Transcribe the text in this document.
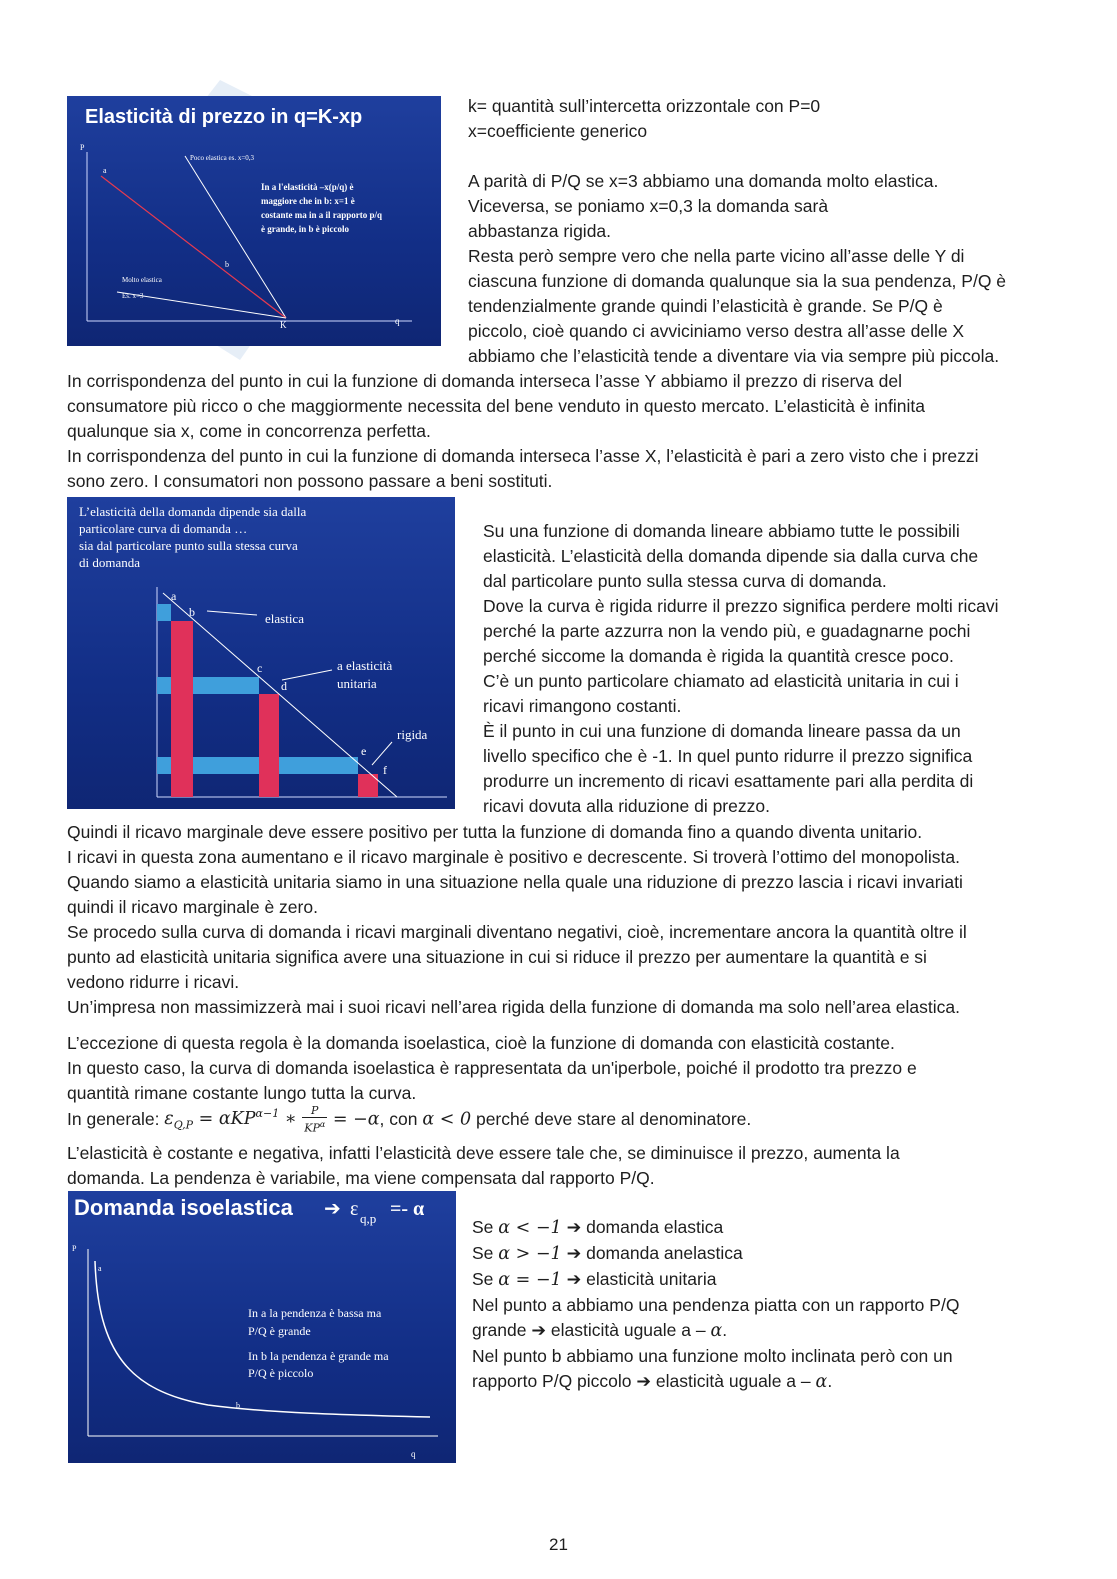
Elasticità di prezzo in q=K-xp
P
q
K
a
b
Poco elastica es. x=0,3
In a l'elasticità –x(p/q) è
maggiore che in b: x=1 è
costante ma in a il rapporto p/q
è grande, in b è piccolo
Molto elastica
Es. x=3

k= quantità sull’intercetta orizzontale con P=0

x=coefficiente generico

A parità di P/Q se x=3 abbiamo una domanda molto elastica.

Viceversa, se poniamo x=0,3 la domanda sarà

abbastanza rigida.

Resta però sempre vero che nella parte vicino all’asse delle Y di

ciascuna funzione di domanda qualunque sia la sua pendenza, P/Q è

tendenzialmente grande quindi l’elasticità è grande. Se P/Q è

piccolo, cioè quando ci avviciniamo verso destra all’asse delle X

abbiamo che l’elasticità tende a diventare via via sempre più piccola.

In corrispondenza del punto in cui la funzione di domanda interseca l’asse Y abbiamo il prezzo di riserva del

consumatore più ricco o che maggiormente necessita del bene venduto in questo mercato. L’elasticità è infinita

qualunque sia x, come in concorrenza perfetta.

In corrispondenza del punto in cui la funzione di domanda interseca l’asse X, l’elasticità è pari a zero visto che i prezzi

sono zero. I consumatori non possono passare a beni sostituti.

L’elasticità della domanda dipende sia dalla
particolare curva di domanda …
sia dal particolare punto sulla stessa curva
di domanda
a
b
c
d
e
f
elastica
a elasticità
unitaria
rigida

Su una funzione di domanda lineare abbiamo tutte le possibili

elasticità. L’elasticità della domanda dipende sia dalla curva che

dal particolare punto sulla stessa curva di domanda.

Dove la curva è rigida ridurre il prezzo significa perdere molti ricavi

perché la parte azzurra non la vendo più, e guadagnarne pochi

perché siccome la domanda è rigida la quantità cresce poco.

C’è un punto particolare chiamato ad elasticità unitaria in cui i

ricavi rimangono costanti.

È il punto in cui una funzione di domanda lineare passa da un

livello specifico che è -1. In quel punto ridurre il prezzo significa

produrre un incremento di ricavi esattamente pari alla perdita di

ricavi dovuta alla riduzione di prezzo.

Quindi il ricavo marginale deve essere positivo per tutta la funzione di domanda fino a quando diventa unitario.

I ricavi in questa zona aumentano e il ricavo marginale è positivo e decrescente. Si troverà l’ottimo del monopolista.

Quando siamo a elasticità unitaria siamo in una situazione nella quale una riduzione di prezzo lascia i ricavi invariati

quindi il ricavo marginale è zero.

Se procedo sulla curva di domanda i ricavi marginali diventano negativi, cioè, incrementare ancora la quantità oltre il

punto ad elasticità unitaria significa avere una situazione in cui si riduce il prezzo per aumentare la quantità e si

vedono ridurre i ricavi.

Un’impresa non massimizzerà mai i suoi ricavi nell’area rigida della funzione di domanda ma solo nell’area elastica.

L’eccezione di questa regola è la domanda isoelastica, cioè la funzione di domanda con elasticità costante.

In questo caso, la curva di domanda isoelastica è rappresentata da un'iperbole, poiché il prodotto tra prezzo e

quantità rimane costante lungo tutta la curva.

In generale: $\varepsilon_{Q,P} = \alpha KP^{\alpha-1}$ ∗ P
$KP^\alpha = -\alpha$, con α < 0 perché deve stare al denominatore.

L’elasticità è costante e negativa, infatti l’elasticità deve essere tale che, se diminuisce il prezzo, aumenta la

domanda. La pendenza è variabile, ma viene compensata dal rapporto P/Q.

Domanda isoelastica ➔ ε q,p =- α
P
q
a
b
In a la pendenza è bassa ma
P/Q è grande
In b la pendenza è grande ma
P/Q è piccolo

Se α < −1 ➔ domanda elastica

Se α > −1 ➔ domanda anelastica

Se α = −1 ➔ elasticità unitaria

Nel punto a abbiamo una pendenza piatta con un rapporto P/Q

grande ➔ elasticità uguale a – α.

Nel punto b abbiamo una funzione molto inclinata però con un

rapporto P/Q piccolo ➔ elasticità uguale a – α.

21
